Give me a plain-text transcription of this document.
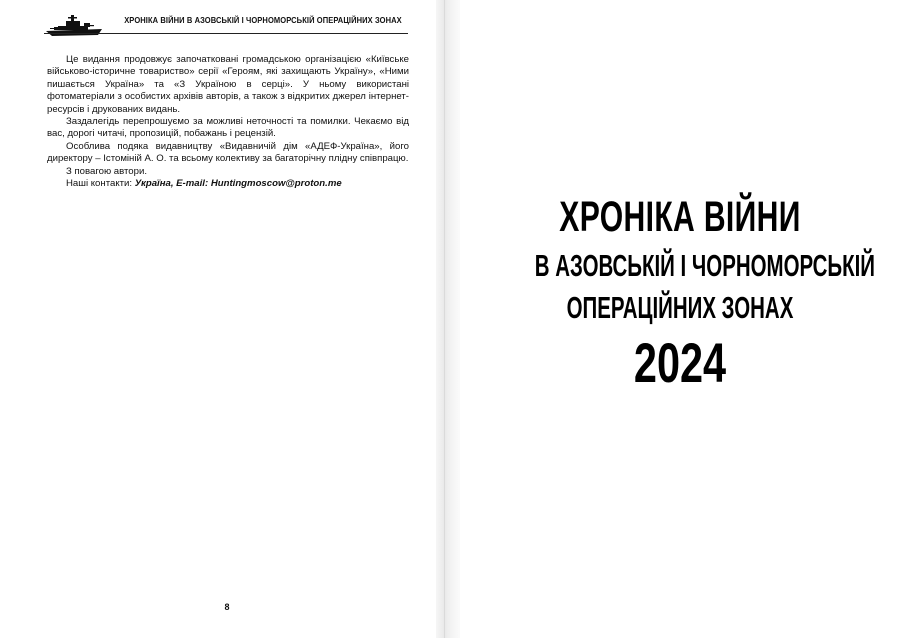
ХРОНІКА ВІЙНИ В АЗОВСЬКІЙ І ЧОРНОМОРСЬКІЙ ОПЕРАЦІЙНИХ ЗОНАХ

Це видання продовжує започатковані громадською організацією «Київське військово-історичне товариство» серії «Героям, які захищають Україну», «Ними пишається Україна» та «З Україною в серці». У ньому використані фотоматеріали з особистих архівів авторів, а також з відкритих джерел інтернет-ресурсів і друкованих видань.

Заздалегідь перепрошуємо за можливі неточності та помилки. Чекаємо від вас, дорогі читачі, пропозицій, побажань і рецензій.

Особлива подяка видавництву «Видавничій дім «АДЕФ-Україна», його директору – Істоміній А. О. та всьому колективу за багаторічну плідну співпрацю.

З повагою автори.

Наші контакти: Україна, E-mail: Huntingmoscow@proton.me

8
ХРОНІКА ВІЙНИ
В АЗОВСЬКІЙ І ЧОРНОМОРСЬКІЙ
ОПЕРАЦІЙНИХ ЗОНАХ
2024
